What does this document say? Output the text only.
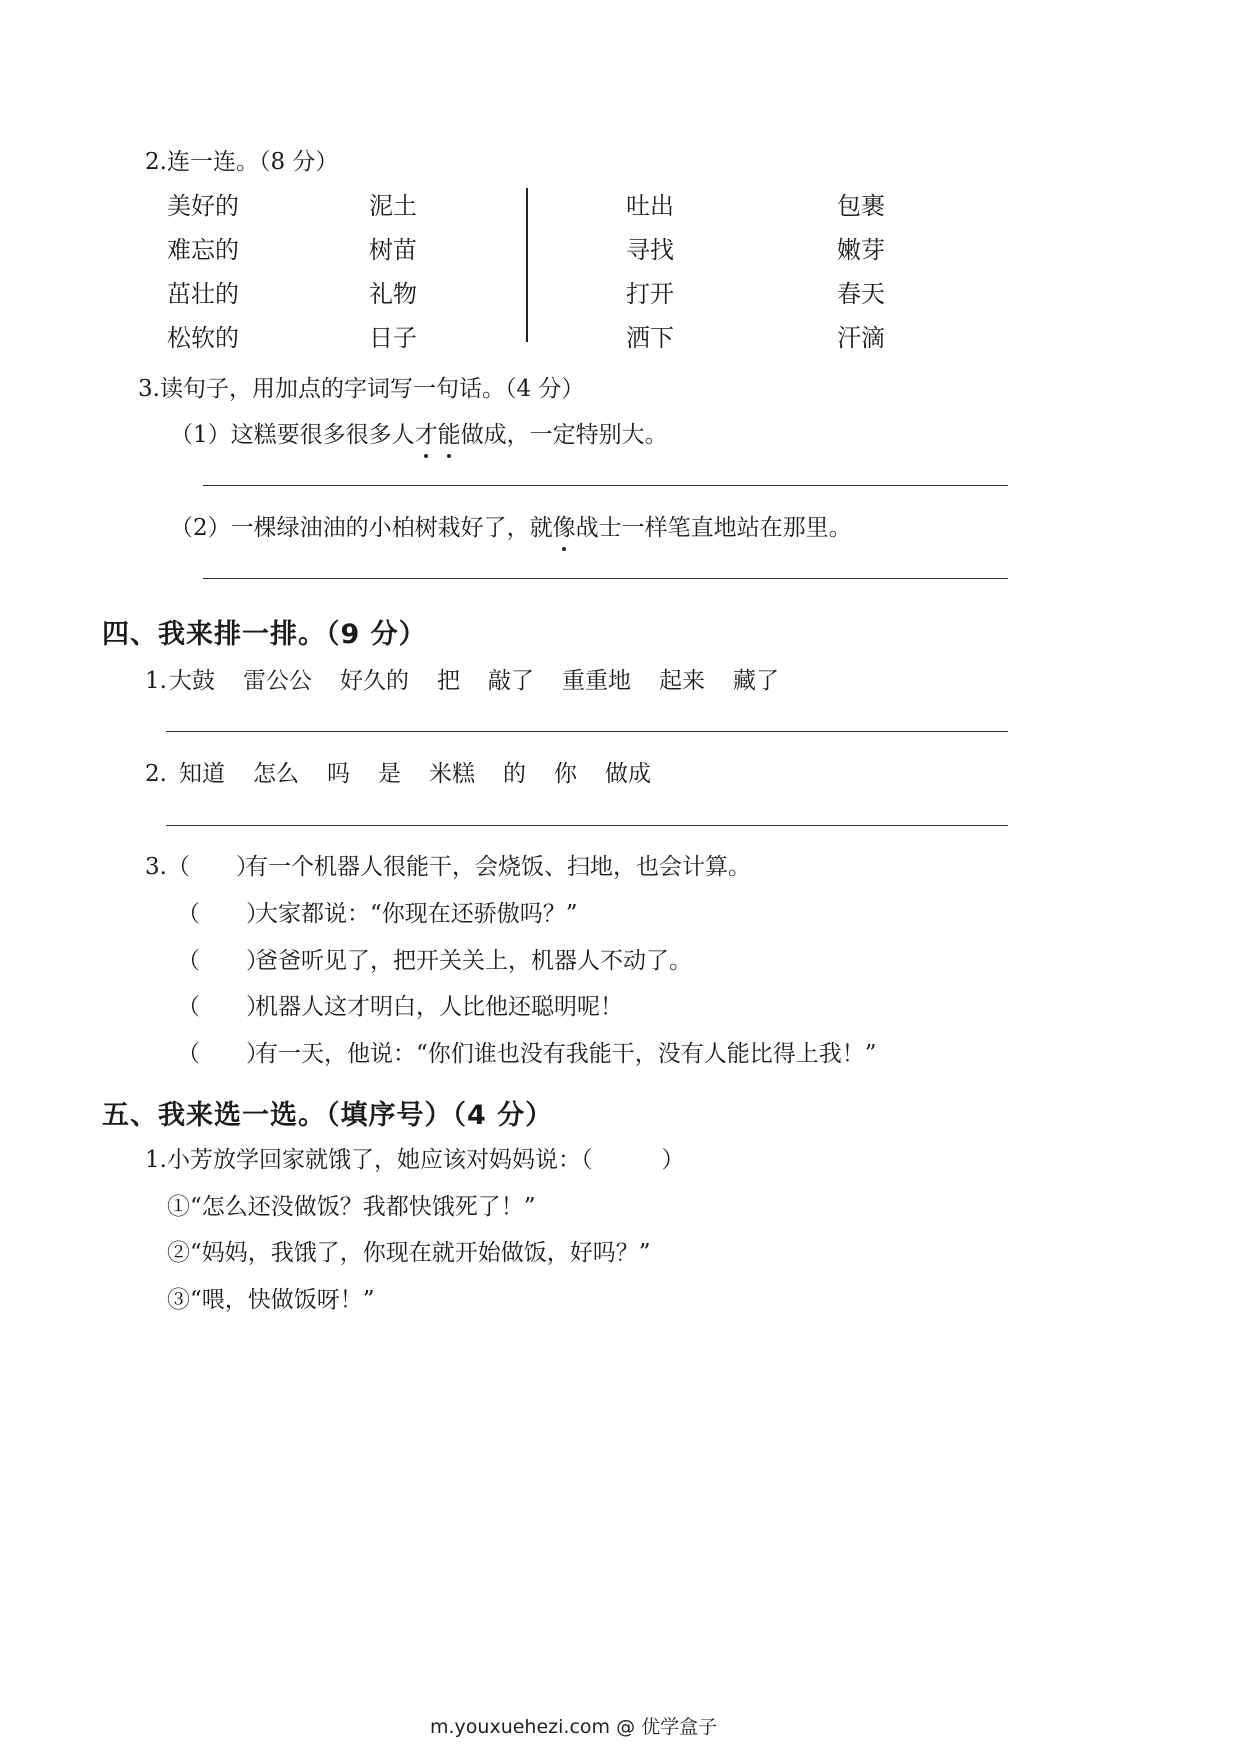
2.连一连。（8 分）
美好的
难忘的
茁壮的
松软的
泥土
树苗
礼物
日子
吐出
寻找
打开
洒下
包裹
嫩芽
春天
汗滴
3.读句子，用加点的字词写一句话。（4 分）
（1）这糕要很多很多人才能做成，一定特别大。
（2）一棵绿油油的小柏树栽好了，就像战士一样笔直地站在那里。
四、我来排一排。（9 分）
1.大鼓 雷公公 好久的 把 敲了 重重地 起来 藏了
2. 知道 怎么 吗 是 米糕 的 你 做成
3.（　　）有一个机器人很能干，会烧饭、扫地，也会计算。
（　　）大家都说：“你现在还骄傲吗？”
（　　）爸爸听见了，把开关关上，机器人不动了。
（　　）机器人这才明白，人比他还聪明呢！
（　　）有一天，他说：“你们谁也没有我能干，没有人能比得上我！”
五、我来选一选。（填序号）（4 分）
1.小芳放学回家就饿了，她应该对妈妈说：（　　　）
①“怎么还没做饭？我都快饿死了！”
②“妈妈，我饿了，你现在就开始做饭，好吗？”
③“喂，快做饭呀！”
m.youxuehezi.com @ 优学盒子
